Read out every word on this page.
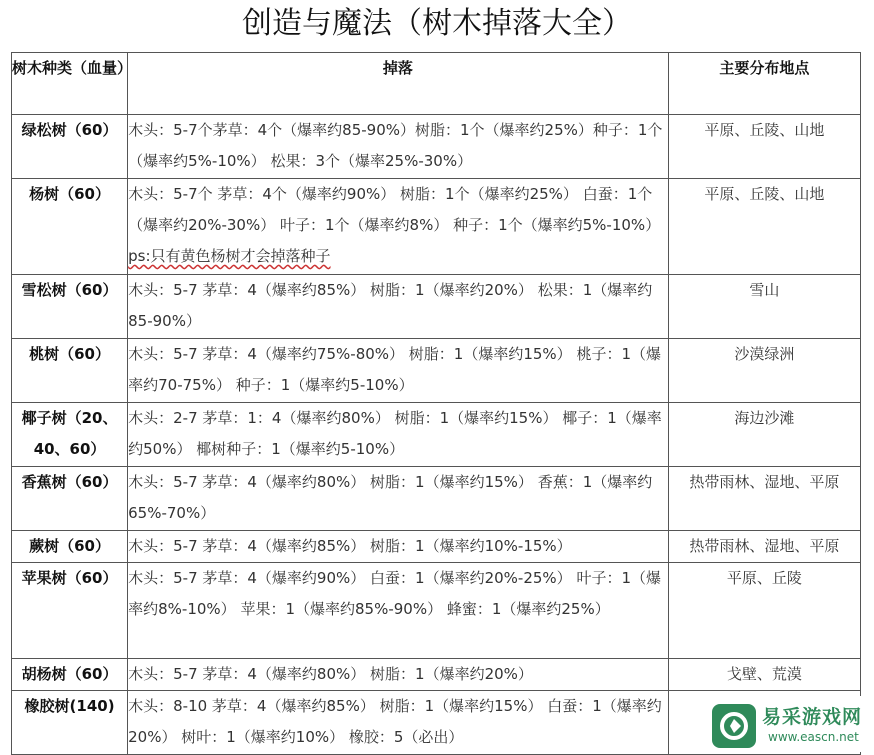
创造与魔法（树木掉落大全）
树木种类（血量）	掉落	主要分布地点
绿松树（60）	木头：5-7个茅草：4个（爆率约85-90%）树脂：1个（爆率约25%）种子：1个（爆率约5%-10%） 松果：3个（爆率25%-30%）	平原、丘陵、山地
杨树（60）	木头：5-7个 茅草：4个（爆率约90%） 树脂：1个（爆率约25%） 白蚕：1个（爆率约20%-30%） 叶子：1个（爆率约8%） 种子：1个（爆率约5%-10%） ps:只有黄色杨树才会掉落种子	平原、丘陵、山地
雪松树（60）	木头：5-7 茅草：4（爆率约85%） 树脂：1（爆率约20%） 松果：1（爆率约85-90%）	雪山
桃树（60）	木头：5-7 茅草：4（爆率约75%-80%） 树脂：1（爆率约15%） 桃子：1（爆率约70-75%） 种子：1（爆率约5-10%）	沙漠绿洲
椰子树（20、40、60）	木头：2-7 茅草：1：4（爆率约80%） 树脂：1（爆率约15%） 椰子：1（爆率约50%） 椰树种子：1（爆率约5-10%）	海边沙滩
香蕉树（60）	木头：5-7 茅草：4（爆率约80%） 树脂：1（爆率约15%） 香蕉：1（爆率约65%-70%）	热带雨林、湿地、平原
蕨树（60）	木头：5-7 茅草：4（爆率约85%） 树脂：1（爆率约10%-15%）	热带雨林、湿地、平原
苹果树（60）	木头：5-7 茅草：4（爆率约90%） 白蚕：1（爆率约20%-25%） 叶子：1（爆率约8%-10%） 苹果：1（爆率约85%-90%） 蜂蜜：1（爆率约25%）	平原、丘陵
胡杨树（60）	木头：5-7 茅草：4（爆率约80%） 树脂：1（爆率约20%）	戈壁、荒漠
橡胶树(140)	木头：8-10 茅草：4（爆率约85%） 树脂：1（爆率约15%） 白蚕：1（爆率约20%） 树叶：1（爆率约10%） 橡胶：5（必出）	
易采游戏网
www.eascn.net
